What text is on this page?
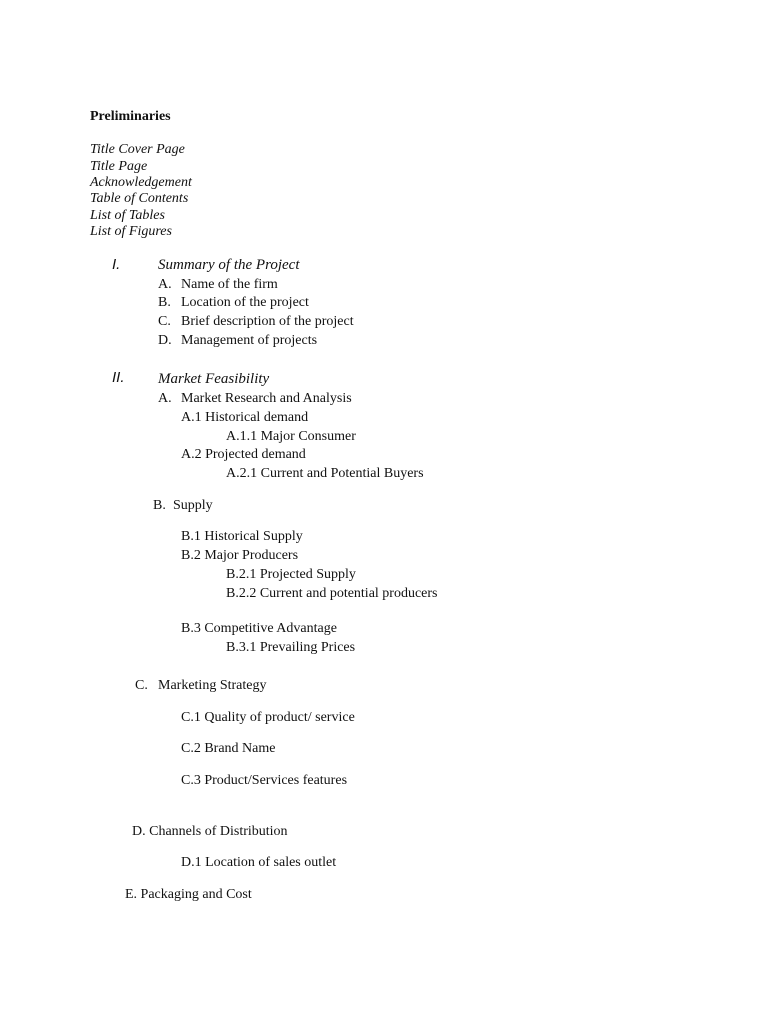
Preliminaries
Title Cover Page
Title Page
Acknowledgement
Table of Contents
List of Tables
List of Figures
I.	Summary of the Project
A. Name of the firm
B. Location of the project
C. Brief description of the project
D. Management of projects
II. Market Feasibility
A. Market Research and Analysis
A.1 Historical demand
A.1.1 Major Consumer
A.2 Projected demand
A.2.1 Current and Potential Buyers
B. Supply
B.1 Historical Supply
B.2 Major Producers
B.2.1 Projected Supply
B.2.2 Current and potential producers
B.3 Competitive Advantage
B.3.1 Prevailing Prices
C. Marketing Strategy
C.1 Quality of product/ service
C.2 Brand Name
C.3 Product/Services features
D. Channels of Distribution
D.1 Location of sales outlet
E. Packaging and Cost
